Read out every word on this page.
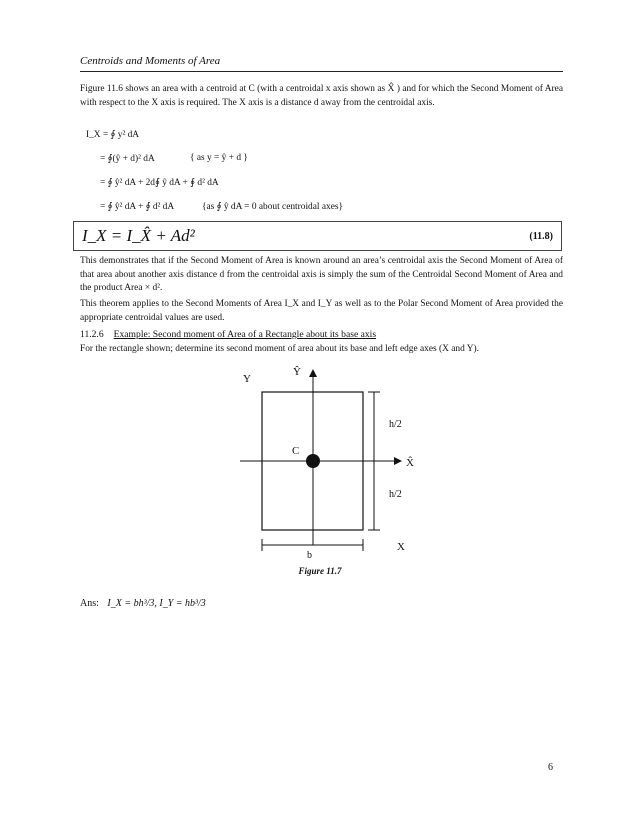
Centroids and Moments of Area
Figure 11.6 shows an area with a centroid at C (with a centroidal x axis shown as X̂ ) and for which the Second Moment of Area with respect to the X axis is required. The X axis is a distance d away from the centroidal axis.
I_X = ∮ y² dA
= ∮(ŷ + d)² dA	{ as y = ŷ + d }
= ∮ ŷ² dA + 2d∮ ŷ dA + ∮ d² dA
= ∮ ŷ² dA + ∮ d² dA	{as ∮ ŷ dA = 0 about centroidal axes}
I_X = I_X̂ + Ad²	(11.8)
This demonstrates that if the Second Moment of Area is known around an area’s centroidal axis the Second Moment of Area of that area about another axis distance d from the centroidal axis is simply the sum of the Centroidal Second Moment of Area and the product Area × d².
This theorem applies to the Second Moments of Area I_X and I_Y as well as to the Polar Second Moment of Area provided the appropriate centroidal values are used.
11.2.6 Example: Second moment of Area of a Rectangle about its base axis
For the rectangle shown; determine its second moment of area about its base and left edge axes (X and Y).
Y
Ŷ
C
X̂
h/2
h/2
X
b
Figure 11.7
Ans: I_X = bh³/3, I_Y = hb³/3
6
